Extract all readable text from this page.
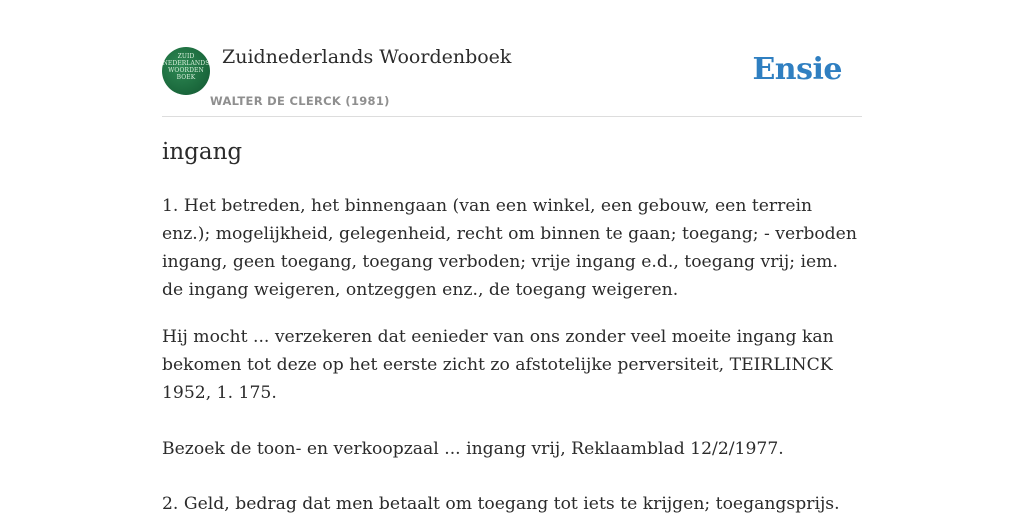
ZUID
NEDERLANDS
WOORDEN
BOEK
Zuidnederlands Woordenboek
WALTER DE CLERCK (1981)
Ensie
ingang

1. Het betreden, het binnengaan (van een winkel, een gebouw, een terrein enz.); mogelijkheid, gelegenheid, recht om binnen te gaan; toegang; - verboden ingang, geen toegang, toegang verboden; vrije ingang e.d., toegang vrij; iem. de ingang weigeren, ontzeggen enz., de toegang weigeren.

Hij mocht ... verzekeren dat eenieder van ons zonder veel moeite ingang kan bekomen tot deze op het eerste zicht zo afstotelijke perversiteit, TEIRLINCK 1952, 1. 175.

Bezoek de toon- en verkoopzaal ... ingang vrij, Reklaamblad 12/2/1977.

2. Geld, bedrag dat men betaalt om toegang tot iets te krijgen; toegangsprijs.
